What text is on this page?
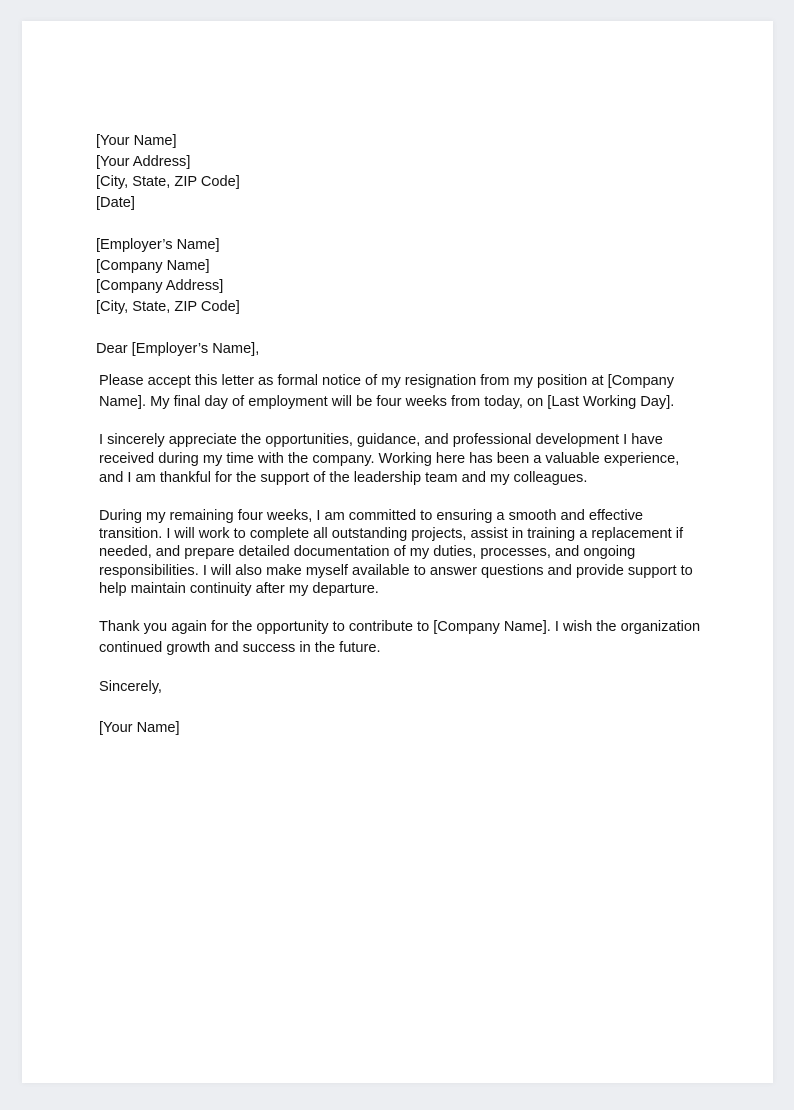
[Your Name]
[Your Address]
[City, State, ZIP Code]
[Date]
[Employer’s Name]
[Company Name]
[Company Address]
[City, State, ZIP Code]
Dear [Employer’s Name],
Please accept this letter as formal notice of my resignation from my position at [Company
Name]. My final day of employment will be four weeks from today, on [Last Working Day].
I sincerely appreciate the opportunities, guidance, and professional development I have
received during my time with the company. Working here has been a valuable experience,
and I am thankful for the support of the leadership team and my colleagues.
During my remaining four weeks, I am committed to ensuring a smooth and effective
transition. I will work to complete all outstanding projects, assist in training a replacement if
needed, and prepare detailed documentation of my duties, processes, and ongoing
responsibilities. I will also make myself available to answer questions and provide support to
help maintain continuity after my departure.
Thank you again for the opportunity to contribute to [Company Name]. I wish the organization
continued growth and success in the future.
Sincerely,
[Your Name]
